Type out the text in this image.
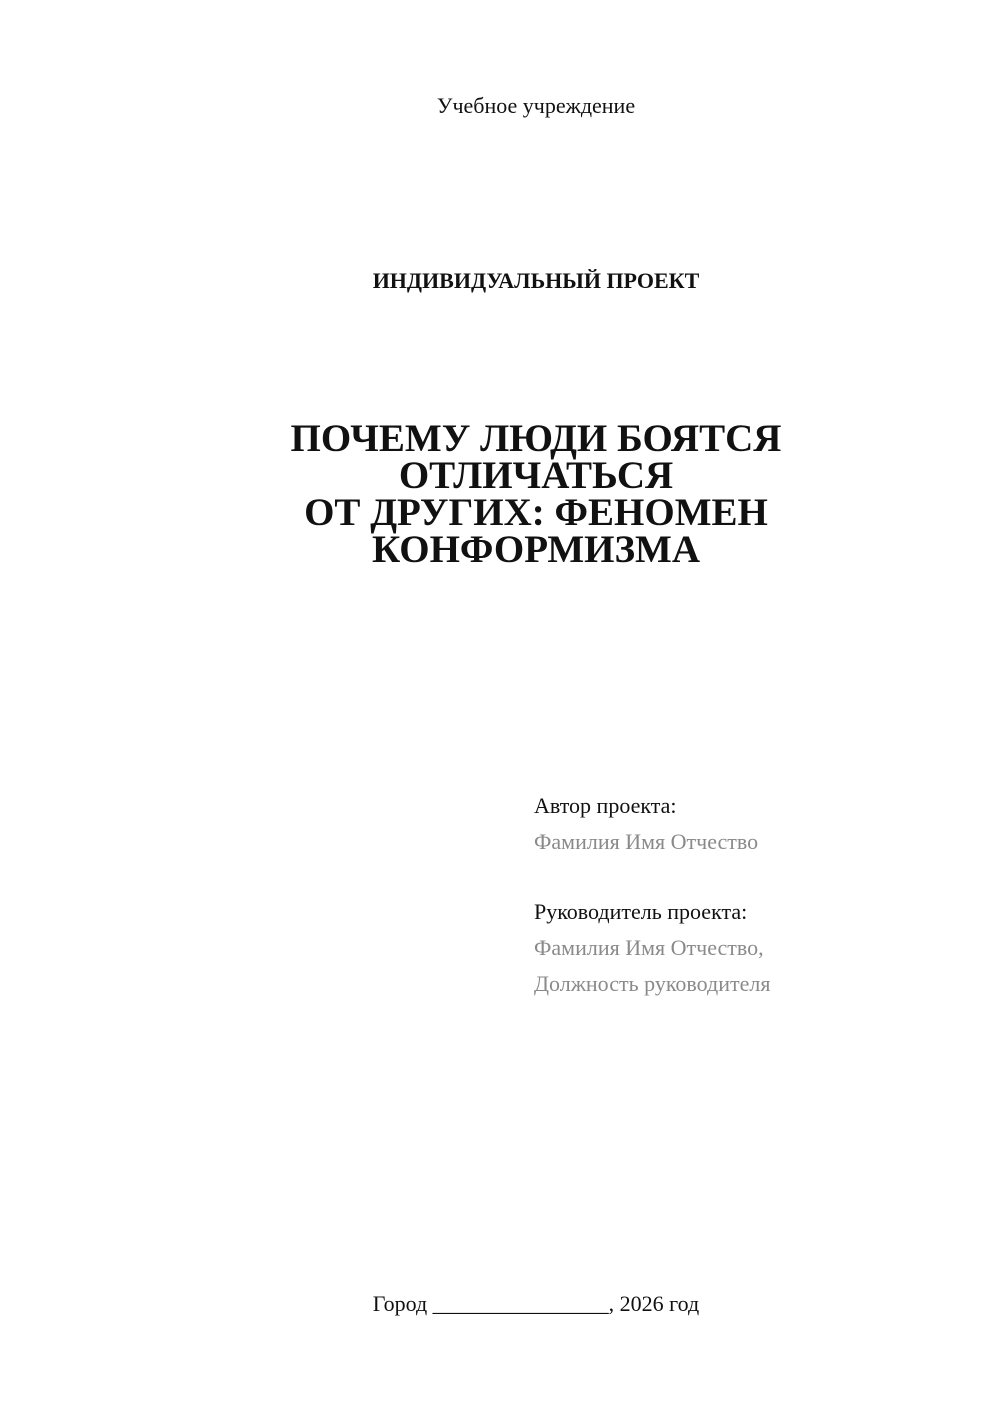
Учебное учреждение
ИНДИВИДУАЛЬНЫЙ ПРОЕКТ
ПОЧЕМУ ЛЮДИ БОЯТСЯ ОТЛИЧАТЬСЯ
ОТ ДРУГИХ: ФЕНОМЕН
КОНФОРМИЗМА
Автор проекта:
Фамилия Имя Отчество
Руководитель проекта:
Фамилия Имя Отчество,
Должность руководителя
Город ________________, 2026 год
